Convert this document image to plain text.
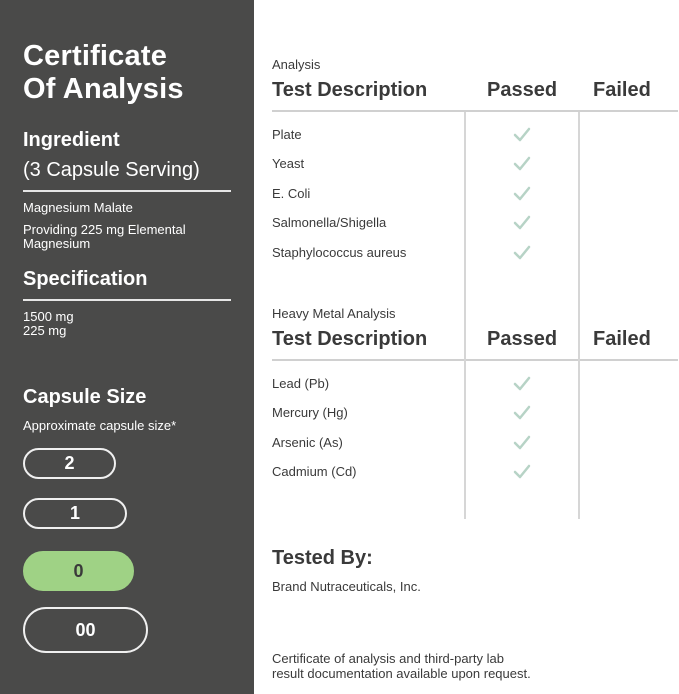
Certificate
Of Analysis
Ingredient
(3 Capsule Serving)
Magnesium Malate
Providing 225 mg Elemental
Magnesium
Specification
1500 mg
225 mg
Capsule Size
Approximate capsule size*
2
1
0
00
Analysis
Test Description	Passed Failed
Plate
Yeast
E. Coli
Salmonella/Shigella
Staphylococcus aureus
Heavy Metal Analysis
Test Description	Passed Failed
Lead (Pb)
Mercury (Hg)
Arsenic (As)
Cadmium (Cd)
Tested By:
Brand Nutraceuticals, Inc.
Certificate of analysis and third-party lab
result documentation available upon request.
